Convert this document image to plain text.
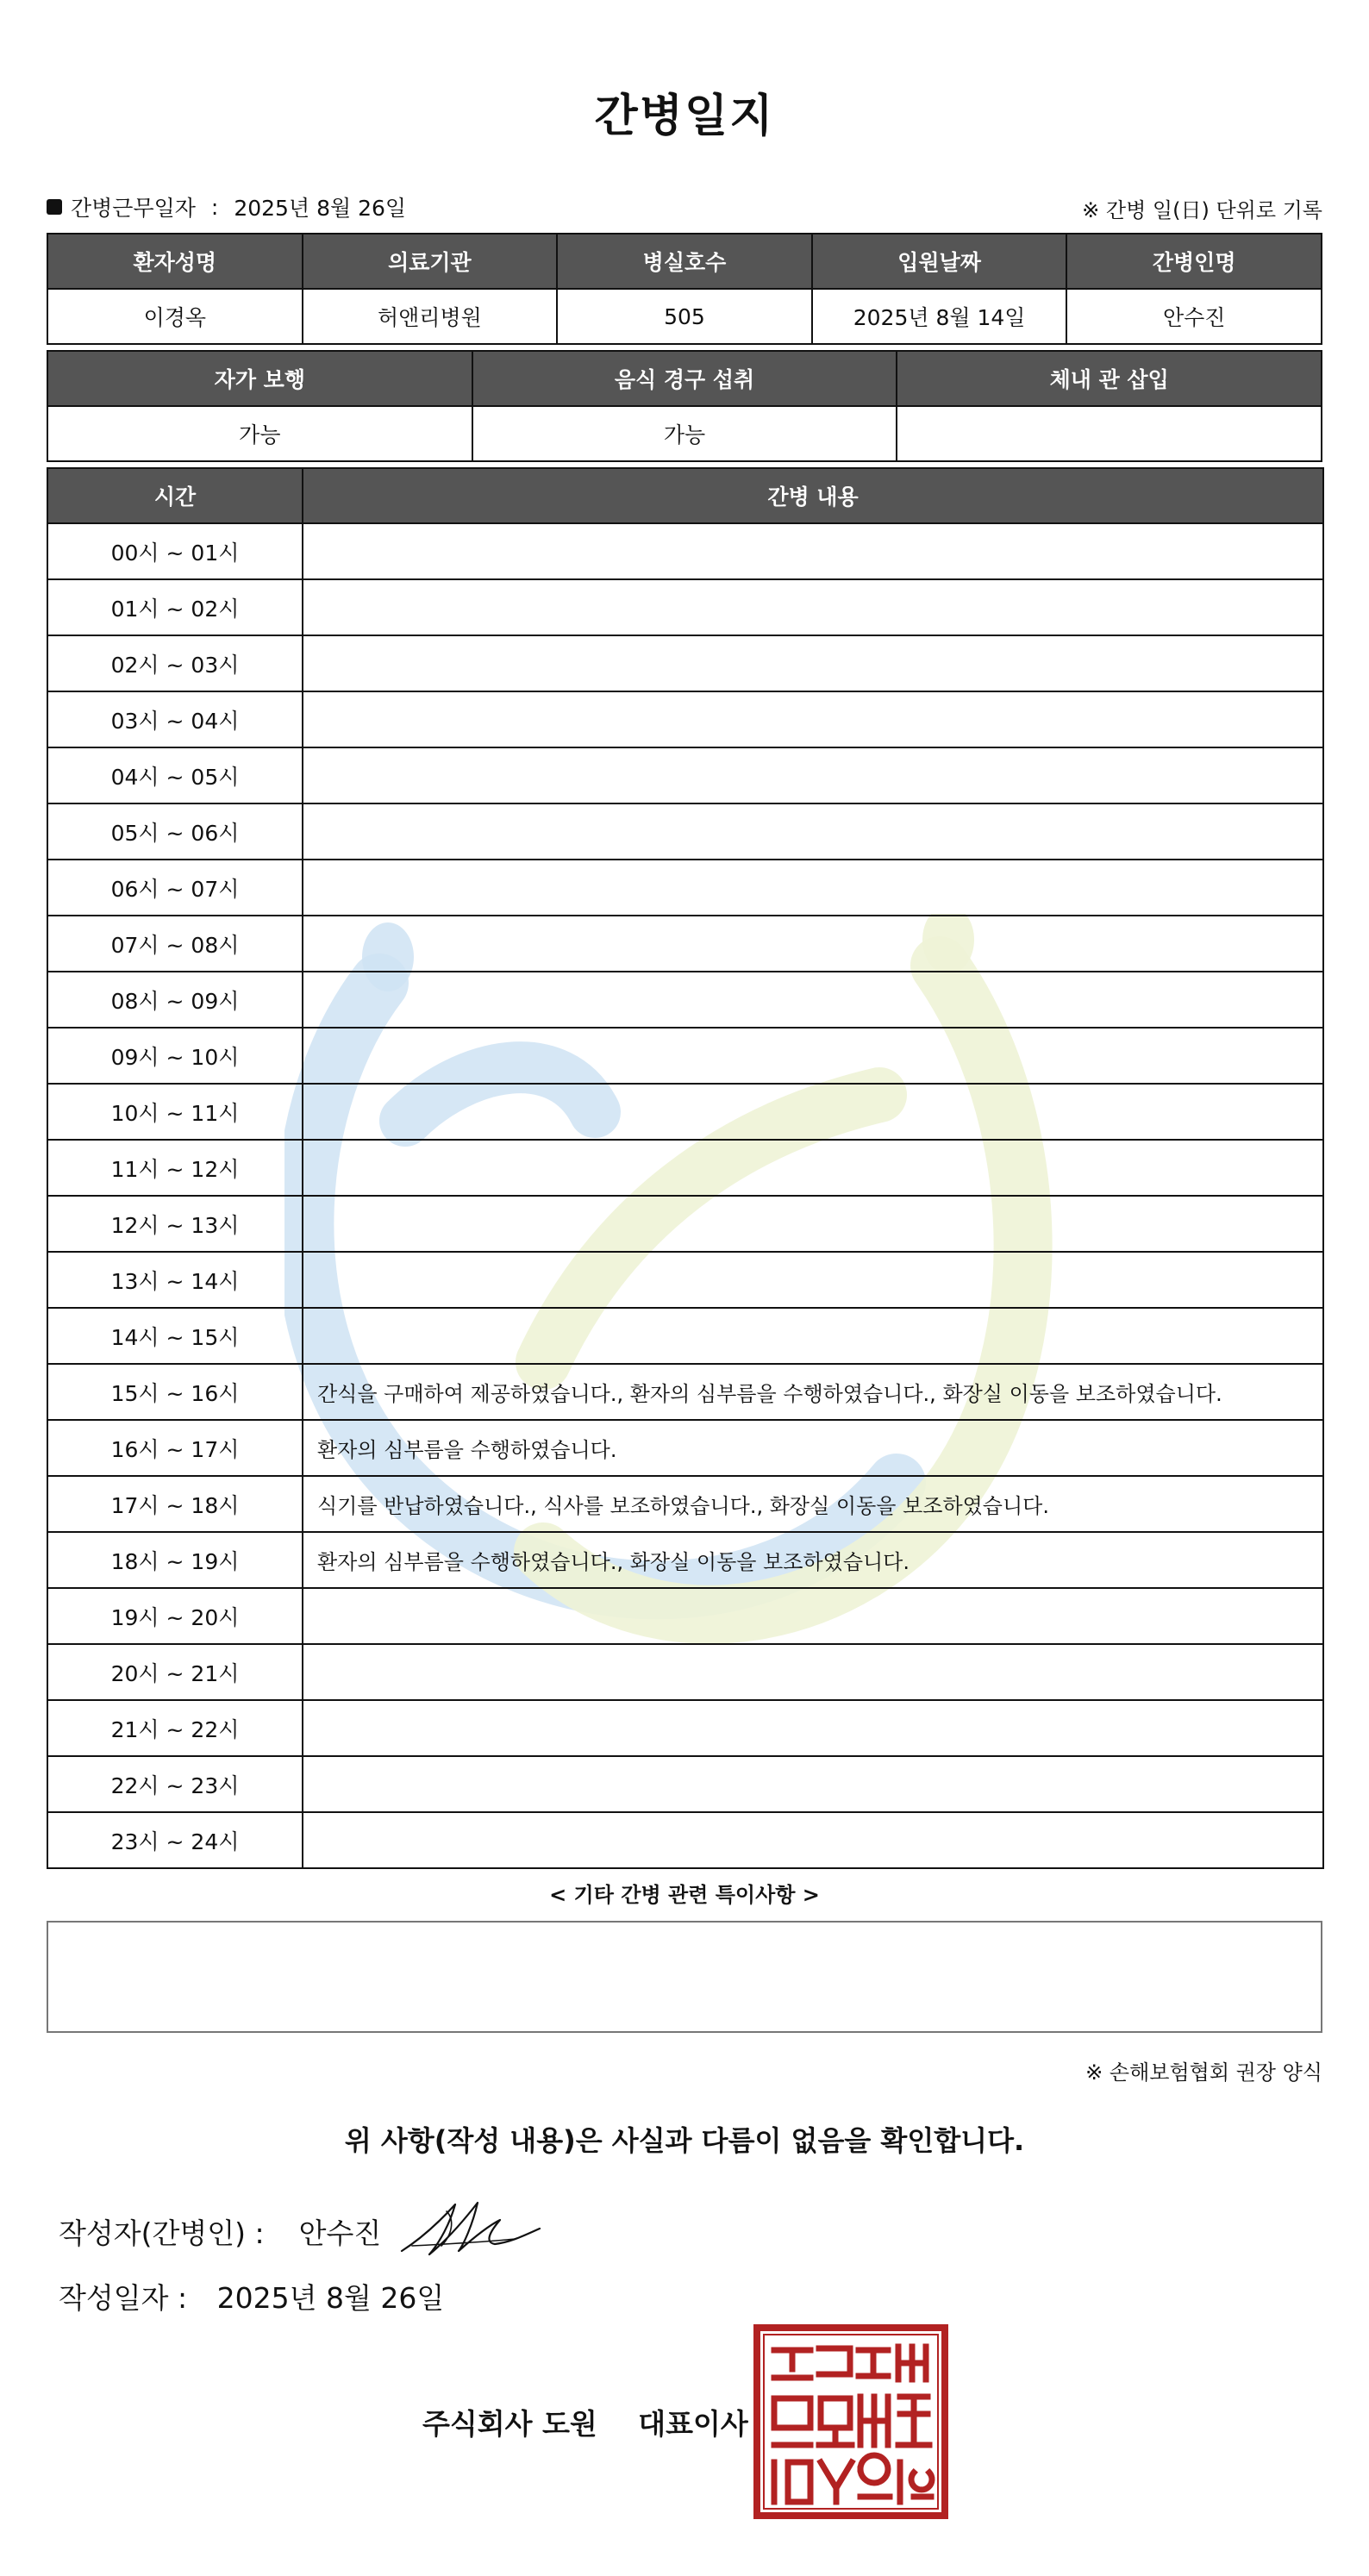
간병일지
간병근무일자 : 2025년 8월 26일	※ 간병 일(日) 단위로 기록
환자성명	의료기관	병실호수	입원날짜	간병인명
이경옥	허앤리병원	505	2025년 8월 14일	안수진
자가 보행	음식 경구 섭취	체내 관 삽입
가능	가능	
시간	간병 내용
00시 ~ 01시	
01시 ~ 02시	
02시 ~ 03시	
03시 ~ 04시	
04시 ~ 05시	
05시 ~ 06시	
06시 ~ 07시	
07시 ~ 08시	
08시 ~ 09시	
09시 ~ 10시	
10시 ~ 11시	
11시 ~ 12시	
12시 ~ 13시	
13시 ~ 14시	
14시 ~ 15시	
15시 ~ 16시	간식을 구매하여 제공하였습니다., 환자의 심부름을 수행하였습니다., 화장실 이동을 보조하였습니다.
16시 ~ 17시	환자의 심부름을 수행하였습니다.
17시 ~ 18시	식기를 반납하였습니다., 식사를 보조하였습니다., 화장실 이동을 보조하였습니다.
18시 ~ 19시	환자의 심부름을 수행하였습니다., 화장실 이동을 보조하였습니다.
19시 ~ 20시	
20시 ~ 21시	
21시 ~ 22시	
22시 ~ 23시	
23시 ~ 24시	
< 기타 간병 관련 특이사항 >
※ 손해보험협회 권장 양식
위 사항(작성 내용)은 사실과 다름이 없음을 확인합니다.
작성자(간병인) : 안수진
작성일자 : 2025년 8월 26일
주식회사 도원 대표이사
